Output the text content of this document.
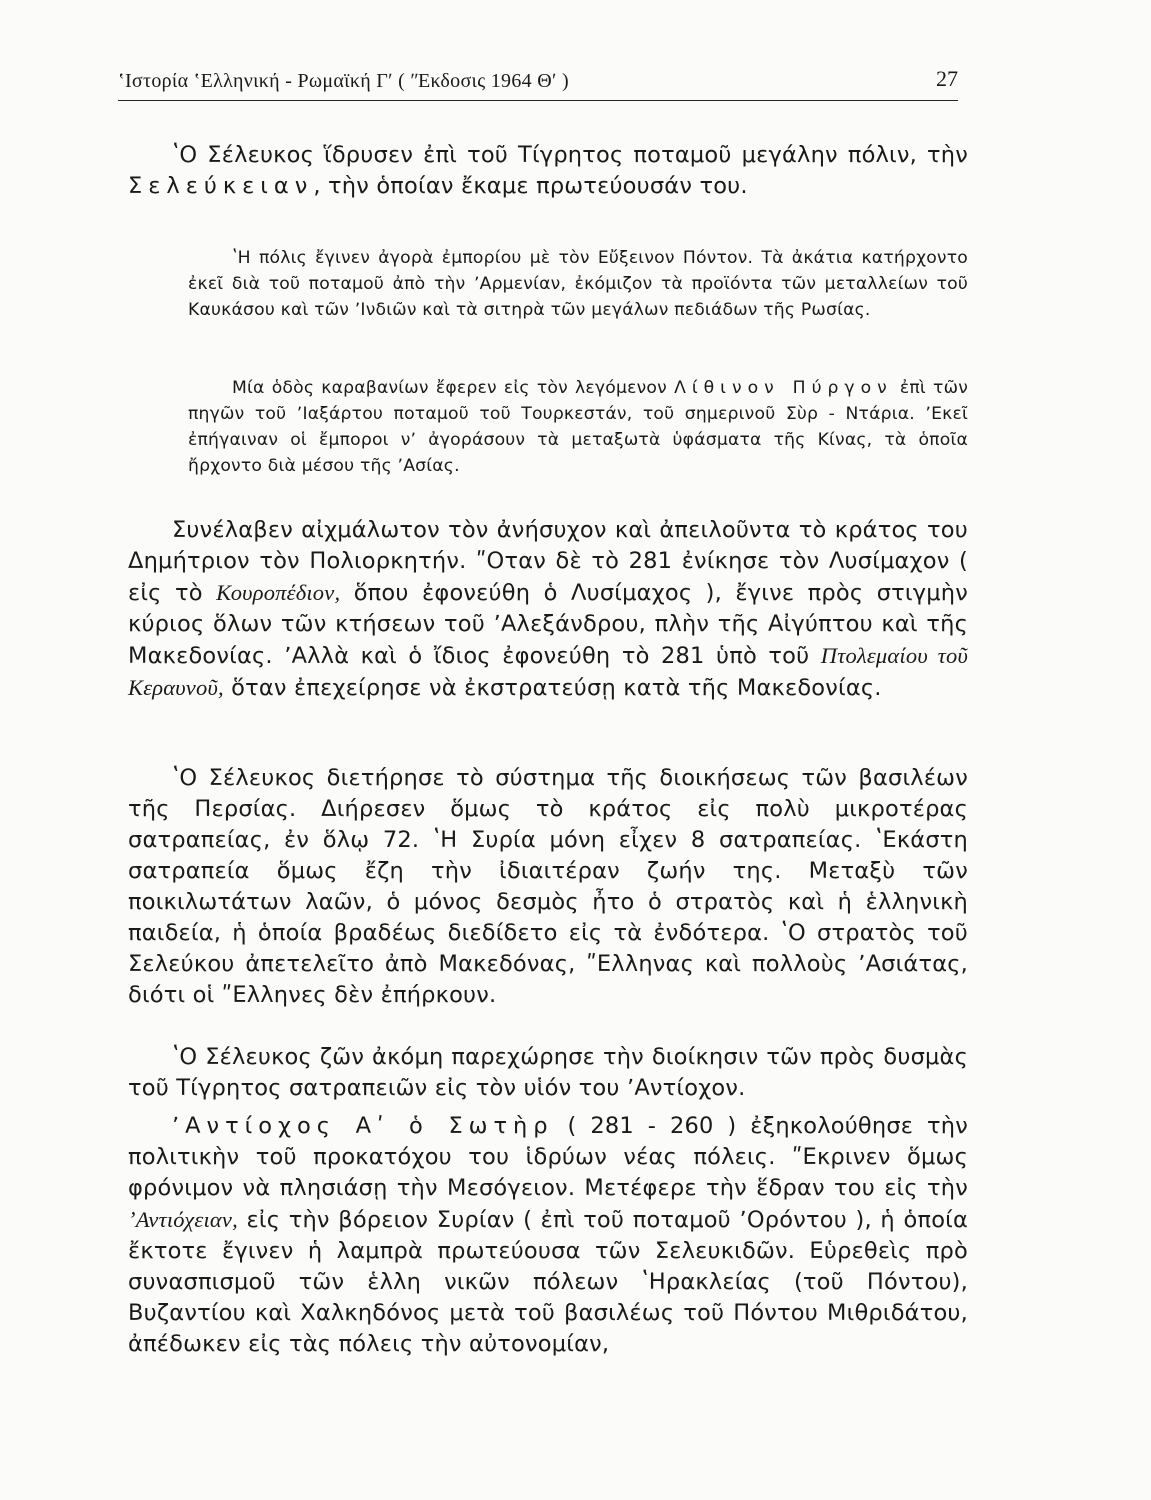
ʽΙστορία ʽΕλληνική - Ρωμαϊκή Γʹ ( ʺΕκδοσις 1964 Θʹ )	27

ʽΟ Σέλευκος ἵδρυσεν ἐπὶ τοῦ Τίγρητος ποταμοῦ μεγάλην πόλιν, τὴν Σελεύκειαν, τὴν ὁποίαν ἔκαμε πρωτεύουσάν του.

ʽΗ πόλις ἔγινεν ἀγορὰ ἐμπορίου μὲ τὸν Εὔξεινον Πόντον. Τὰ ἀκάτια κατήρχοντο ἐκεῖ διὰ τοῦ ποταμοῦ ἀπὸ τὴν ʼΑρμενίαν, ἐκόμιζον τὰ προϊόντα τῶν μεταλλείων τοῦ Καυκάσου καὶ τῶν ʼΙνδιῶν καὶ τὰ σιτηρὰ τῶν μεγάλων πεδιάδων τῆς Ρωσίας.

Μία ὁδὸς καραβανίων ἔφερεν εἰς τὸν λεγόμενον Λίθινον Πύργον ἐπὶ τῶν πηγῶν τοῦ ʼΙαξάρτου ποταμοῦ τοῦ Τουρκεστάν, τοῦ σημερινοῦ Σὺρ - Ντάρια. ʼΕκεῖ ἐπήγαιναν οἱ ἔμποροι νʼ ἀγοράσουν τὰ μεταξωτὰ ὑφάσματα τῆς Κίνας, τὰ ὁποῖα ἤρχοντο διὰ μέσου τῆς ʼΑσίας.

Συνέλαβεν αἰχμάλωτον τὸν ἀνήσυχον καὶ ἀπειλοῦντα τὸ κράτος του Δημήτριον τὸν Πολιορκητήν. ʺΟταν δὲ τὸ 281 ἐνίκησε τὸν Λυσίμαχον ( εἰς τὸ Κουροπέδιον, ὅπου ἐφονεύθη ὁ Λυσίμαχος ), ἔγινε πρὸς στιγμὴν κύριος ὅλων τῶν κτήσεων τοῦ ʼΑλεξάνδρου, πλὴν τῆς Αἰγύπτου καὶ τῆς Μακεδονίας. ʼΑλλὰ καὶ ὁ ἴδιος ἐφονεύθη τὸ 281 ὑπὸ τοῦ Πτολεμαίου τοῦ Κεραυνοῦ, ὅταν ἐπεχείρησε νὰ ἐκστρατεύσῃ κατὰ τῆς Μακεδονίας.

ʽΟ Σέλευκος διετήρησε τὸ σύστημα τῆς διοικήσεως τῶν βασιλέων τῆς Περσίας. Διήρεσεν ὅμως τὸ κράτος εἰς πολὺ μικροτέρας σατραπείας, ἐν ὅλῳ 72. ʽΗ Συρία μόνη εἶχεν 8 σατραπείας. ʽΕκάστη σατραπεία ὅμως ἔζη τὴν ἰδιαιτέραν ζωήν της. Μεταξὺ τῶν ποικιλωτάτων λαῶν, ὁ μόνος δεσμὸς ἦτο ὁ στρατὸς καὶ ἡ ἑλληνικὴ παιδεία, ἡ ὁποία βραδέως διεδίδετο εἰς τὰ ἐνδότερα. ʽΟ στρατὸς τοῦ Σελεύκου ἀπετελεῖτο ἀπὸ Μακεδόνας, ʺΕλληνας καὶ πολλοὺς ʼΑσιάτας, διότι οἱ ʺΕλληνες δὲν ἐπήρκουν.

ʽΟ Σέλευκος ζῶν ἀκόμη παρεχώρησε τὴν διοίκησιν τῶν πρὸς δυσμὰς τοῦ Τίγρητος σατραπειῶν εἰς τὸν υἱόν του ʼΑντίοχον.

ʼΑντίοχος Αʹ ὁ Σωτὴρ ( 281 - 260 ) ἐξηκολούθησε τὴν πολιτικὴν τοῦ προκατόχου του ἱδρύων νέας πόλεις. ʺΕκρινεν ὅμως φρόνιμον νὰ πλησιάσῃ τὴν Μεσόγειον. Μετέφερε τὴν ἕδραν του εἰς τὴν ʼΑντιόχειαν, εἰς τὴν βόρειον Συρίαν ( ἐπὶ τοῦ ποταμοῦ ʼΟρόντου ), ἡ ὁποία ἔκτοτε ἔγινεν ἡ λαμπρὰ πρωτεύουσα τῶν Σελευκιδῶν. Εὑρεθεὶς πρὸ συνασπισμοῦ τῶν ἑλλη νικῶν πόλεων ʽΗρακλείας (τοῦ Πόντου), Βυζαντίου καὶ Χαλκηδόνος μετὰ τοῦ βασιλέως τοῦ Πόντου Μιθριδάτου, ἀπέδωκεν εἰς τὰς πόλεις τὴν αὐτονομίαν,
